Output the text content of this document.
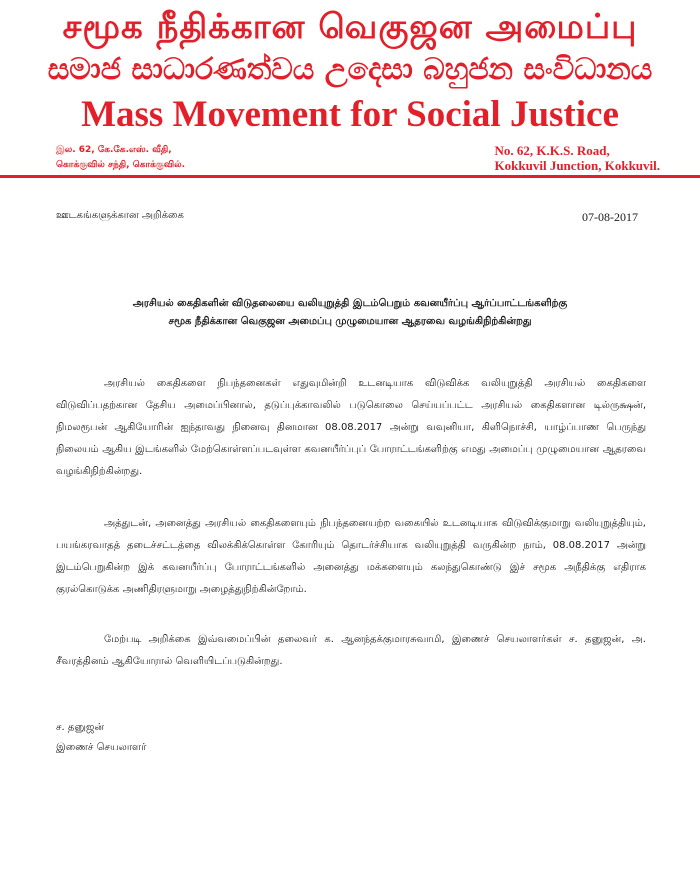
சமூக நீதிக்கான வெகுஜன அமைப்பு
සමාජ සාධාරණත්වය උදෙසා බහුජන සංවිධානය
Mass Movement for Social Justice
இல. 62, கே.கே.எஸ். வீதி,
கொக்குவில் சந்தி, கொக்குவில்.
No. 62, K.K.S. Road,
Kokkuvil Junction, Kokkuvil.
ஊடகங்களுக்கான அறிக்கை	07-08-2017
அரசியல் கைதிகளின் விடுதலையை வலியுறுத்தி இடம்பெறும் கவனயீர்ப்பு ஆர்ப்பாட்டங்களிற்கு
சமூக நீதிக்கான வெகுஜன அமைப்பு முழுமையான ஆதரவை வழங்கிநிற்கின்றது

அரசியல் கைதிகளை நிபந்தனைகள் எதுவுமின்றி உடனடியாக விடுவிக்க வலியுறுத்தி அரசியல் கைதிகளை விடுவிப்பதற்கான தேசிய அமைப்பினால், தடுப்புக்காவலில் படுகொலை செய்யப்பட்ட அரசியல் கைதிகளான டில்ருக்ஷன், நிமலரூபன் ஆகியோரின் ஐந்தாவது நினைவு தினமான 08.08.2017 அன்று வவுனியா, கிளிநொச்சி, யாழ்ப்பாண பெருந்து நிலையம் ஆகிய இடங்களில் மேற்கொள்ளப்படவுள்ள கவனயீர்ப்புப் போராட்டங்களிற்கு எமது அமைப்பு முழுமையான ஆதரவை வழங்கிநிற்கின்றது.

அத்துடன், அனைத்து அரசியல் கைதிகளையும் நிபந்தனையற்ற வகையில் உடனடியாக விடுவிக்குமாறு வலியுறுத்தியும், பயங்கரவாதத் தடைச்சட்டத்தை விலக்கிக்கொள்ள கோரியும் தொடர்ச்சியாக வலியுறுத்தி வருகின்ற நாம், 08.08.2017 அன்று இடம்பெறுகின்ற இக் கவனயீர்ப்பு போராட்டங்களில் அனைத்து மக்களையும் கலந்துகொண்டு இச் சமூக அநீதிக்கு எதிராக குரல்கொடுக்க அணிதிரளுமாறு அழைத்துநிற்கின்றோம்.

மேற்படி அறிக்கை இவ்வமைப்பின் தலைவர் க. ஆனந்தக்குமாரசுவாமி, இணைச் செயலாளர்கள் ச. தனுஜன், அ. சீவரத்தினம் ஆகியோரால் வெளியிடப்படுகின்றது.

ச. தனுஜன்
இணைச் செயலாளர்
